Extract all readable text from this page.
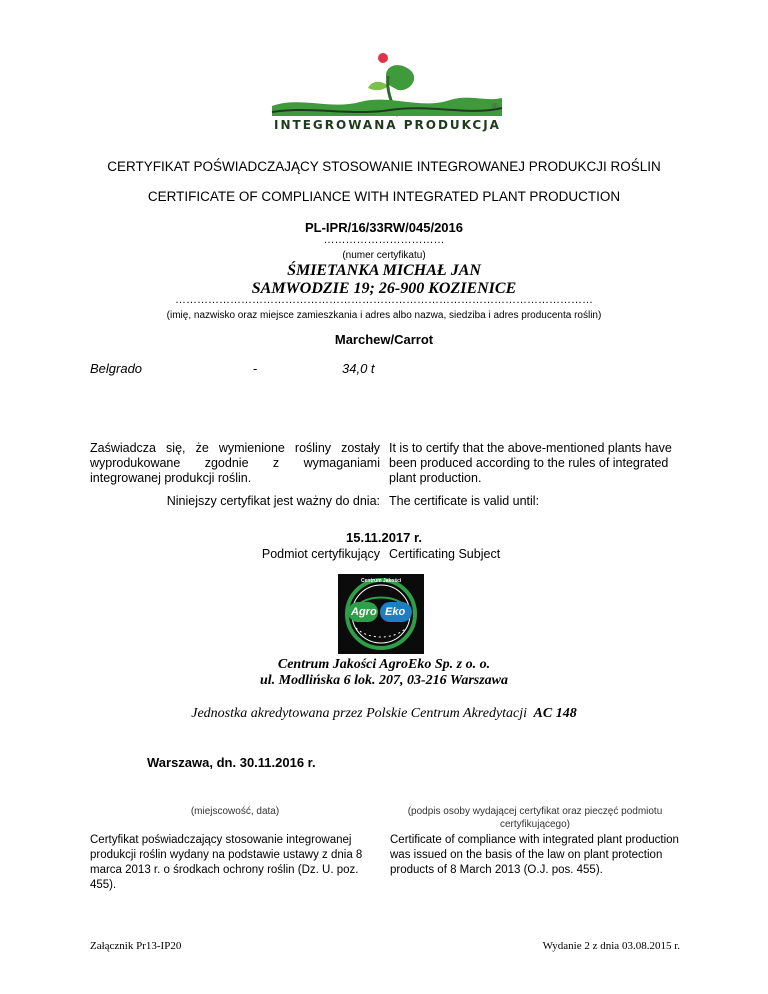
®
INTEGROWANA PRODUKCJA
CERTYFIKAT POŚWIADCZAJĄCY STOSOWANIE INTEGROWANEJ PRODUKCJI ROŚLIN
CERTIFICATE OF COMPLIANCE WITH INTEGRATED PLANT PRODUCTION
PL-IPR/16/33RW/045/2016
……………………………
(numer certyfikatu)
ŚMIETANKA MICHAŁ JAN
SAMWODZIE 19; 26-900 KOZIENICE
……………………………………………………………………………………………………
(imię, nazwisko oraz miejsce zamieszkania i adres albo nazwa, siedziba i adres producenta roślin)
Marchew/Carrot
Belgrado	-	34,0 t
Zaświadcza się, że wymienione rośliny zostały wyprodukowane zgodnie z wymaganiami integrowanej produkcji roślin.
It is to certify that the above-mentioned plants have been produced according to the rules of integrated plant production.
Niniejszy certyfikat jest ważny do dnia: The certificate is valid until:
15.11.2017 r.
Podmiot certyfikujący Certificating Subject
Centrum Jakości
Agro Eko
Centrum Jakości AgroEko Sp. z o. o.
ul. Modlińska 6 lok. 207, 03-216 Warszawa
Jednostka akredytowana przez Polskie Centrum Akredytacji AC 148
Warszawa, dn. 30.11.2016 r.
(miejscowość, data)	(podpis osoby wydającej certyfikat oraz pieczęć podmiotu
certyfikującego)
Certyfikat poświadczający stosowanie integrowanej produkcji roślin wydany na podstawie ustawy z dnia 8 marca 2013 r. o środkach ochrony roślin (Dz. U. poz. 455).
Certificate of compliance with integrated plant production was issued on the basis of the law on plant protection products of 8 March 2013 (O.J. pos. 455).
Załącznik Pr13-IP20	Wydanie 2 z dnia 03.08.2015 r.
